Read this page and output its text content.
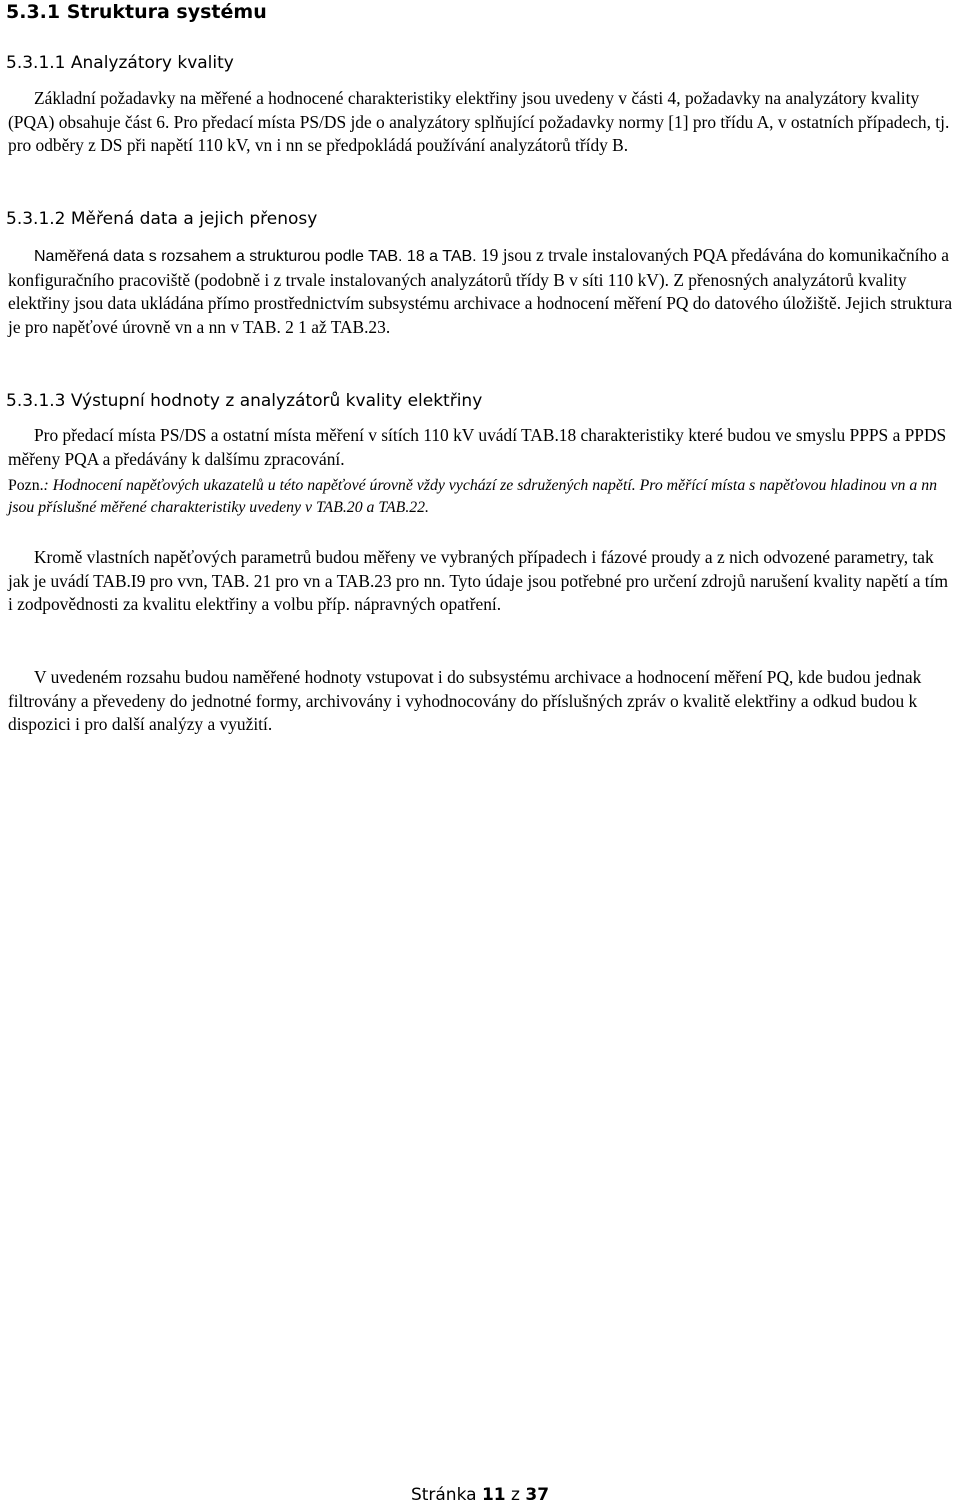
5.3.1 Struktura systému
5.3.1.1 Analyzátory kvality

Základní požadavky na měřené a hodnocené charakteristiky elektřiny jsou uvedeny v části 4, požadavky na analyzátory kvality (PQA) obsahuje část 6. Pro předací místa PS/DS jde o analyzátory splňující požadavky normy [1] pro třídu A, v ostatních případech, tj. pro odběry z DS při napětí 110 kV, vn i nn se předpokládá používání analyzátorů třídy B.

5.3.1.2 Měřená data a jejich přenosy

Naměřená data s rozsahem a strukturou podle TAB. 18 a TAB. 19 jsou z trvale instalovaných PQA předávána do komunikačního a konfiguračního pracoviště (podobně i z trvale instalovaných analyzátorů třídy B v síti 110 kV). Z přenosných analyzátorů kvality elektřiny jsou data ukládána přímo prostřednictvím subsystému archivace a hodnocení měření PQ do datového úložiště. Jejich struktura je pro napěťové úrovně vn a nn v TAB. 2 1 až TAB.23.

5.3.1.3 Výstupní hodnoty z analyzátorů kvality elektřiny

Pro předací místa PS/DS a ostatní místa měření v sítích 110 kV uvádí TAB.18 charakteristiky které budou ve smyslu PPPS a PPDS měřeny PQA a předávány k dalšímu zpracování.

Pozn.: Hodnocení napěťových ukazatelů u této napěťové úrovně vždy vychází ze sdružených napětí. Pro měřící místa s napěťovou hladinou vn a nn jsou příslušné měřené charakteristiky uvedeny v TAB.20 a TAB.22.

Kromě vlastních napěťových parametrů budou měřeny ve vybraných případech i fázové proudy a z nich odvozené parametry, tak jak je uvádí TAB.I9 pro vvn, TAB. 21 pro vn a TAB.23 pro nn. Tyto údaje jsou potřebné pro určení zdrojů narušení kvality napětí a tím i zodpovědnosti za kvalitu elektřiny a volbu příp. nápravných opatření.

V uvedeném rozsahu budou naměřené hodnoty vstupovat i do subsystému archivace a hodnocení měření PQ, kde budou jednak filtrovány a převedeny do jednotné formy, archivovány i vyhodnocovány do příslušných zpráv o kvalitě elektřiny a odkud budou k dispozici i pro další analýzy a využití.

Stránka 11 z 37
